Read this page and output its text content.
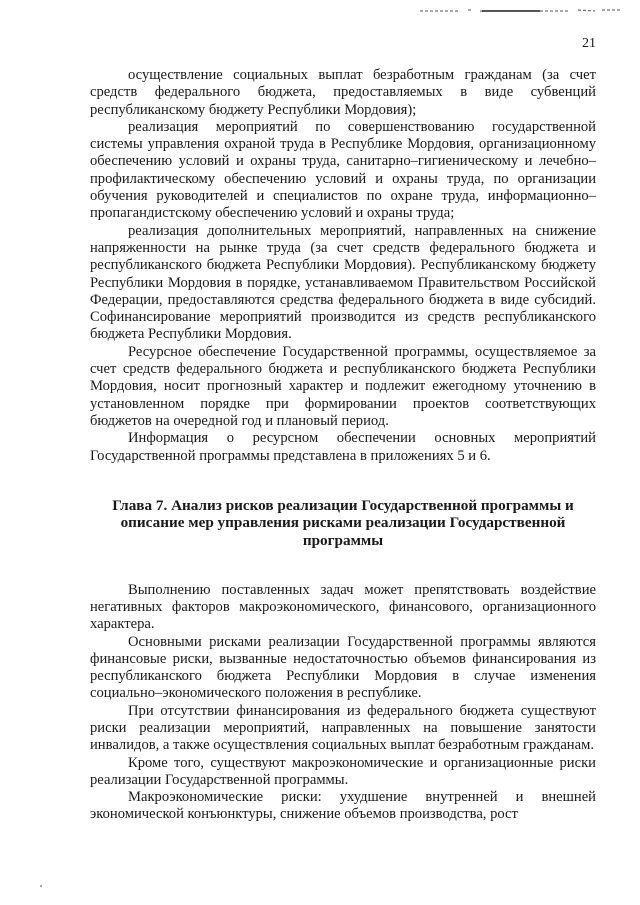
21

осуществление социальных выплат безработным гражданам (за счет средств федерального бюджета, предоставляемых в виде субвенций республиканскому бюджету Республики Мордовия);

реализация мероприятий по совершенствованию государственной системы управления охраной труда в Республике Мордовия, организационному обеспечению условий и охраны труда, санитарно–гигиеническому и лечебно–профилактическому обеспечению условий и охраны труда, по организации обучения руководителей и специалистов по охране труда, информационно–пропагандистскому обеспечению условий и охраны труда;

реализация дополнительных мероприятий, направленных на снижение напряженности на рынке труда (за счет средств федерального бюджета и республиканского бюджета Республики Мордовия). Республиканскому бюджету Республики Мордовия в порядке, устанавливаемом Правительством Российской Федерации, предоставляются средства федерального бюджета в виде субсидий. Софинансирование мероприятий производится из средств республиканского бюджета Республики Мордовия.

Ресурсное обеспечение Государственной программы, осуществляемое за счет средств федерального бюджета и республиканского бюджета Республики Мордовия, носит прогнозный характер и подлежит ежегодному уточнению в установленном порядке при формировании проектов соответствующих бюджетов на очередной год и плановый период.

Информация о ресурсном обеспечении основных мероприятий Государственной программы представлена в приложениях 5 и 6.

Глава 7. Анализ рисков реализации Государственной программы и описание мер управления рисками реализации Государственной программы

Выполнению поставленных задач может препятствовать воздействие негативных факторов макроэкономического, финансового, организационного характера.

Основными рисками реализации Государственной программы являются финансовые риски, вызванные недостаточностью объемов финансирования из республиканского бюджета Республики Мордовия в случае изменения социально–экономического положения в республике.

При отсутствии финансирования из федерального бюджета существуют риски реализации мероприятий, направленных на повышение занятости инвалидов, а также осуществления социальных выплат безработным гражданам.

Кроме того, существуют макроэкономические и организационные риски реализации Государственной программы.

Макроэкономические риски: ухудшение внутренней и внешней экономической конъюнктуры, снижение объемов производства, рост
